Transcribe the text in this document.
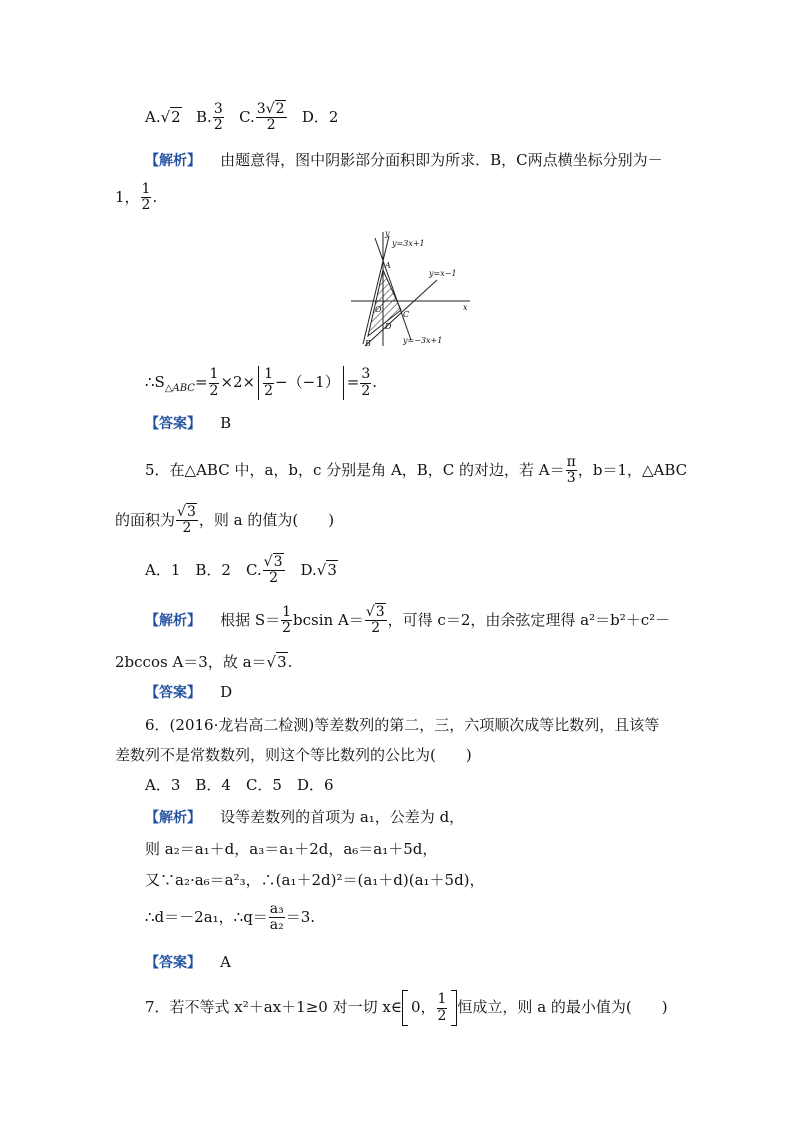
A.√2 B. $\frac{3}{2} C$. $\frac{3√2}{2}$ D．2
【解析】 由题意得，图中阴影部分面积即为所求．B，C两点横坐标分别为－
1， $\frac{1}{2}$ .
y
x
y=3x+1
y=x−1
y=−3x+1
A
O
C
D
B
$\therefore S_{\triangle ABC}= \frac{1}{2} \times 2\times \frac{1}{2} -(-1) = \frac{3}{2}$ .
【答案】 B
5．在△ABC 中，a，b，c 分别是角 A，B，C 的对边，若 $A= \frac{\pi}{3}$ ，b＝1，△ABC
的面积为 $\frac{√3}{2}$ ，则 a 的值为(　　)
A．1　B．2　C. $\frac{√3}{2}$ 　D.√3
【解析】 根据 $S= \frac{1}{2}$ bcsin $A= \frac{√3}{2}$ ，可得 c＝2，由余弦定理得 a²＝b²＋c²－
2bccos A＝3，故 a＝√3.
【答案】 D
6．(2016·龙岩高二检测)等差数列的第二，三，六项顺次成等比数列，且该等
差数列不是常数数列，则这个等比数列的公比为(　　)
A．3　B．4　C．5　D．6
【解析】 设等差数列的首项为 a₁，公差为 d，
则 a₂＝a₁＋d，a₃＝a₁＋2d，a₆＝a₁＋5d，
又∵a₂·a₆＝a²₃，∴(a₁＋2d)²＝(a₁＋d)(a₁＋5d)，
∴d＝－2a₁，∴q＝ $\frac{\text{a₃}}{\text{a₂}} =3$.
【答案】 A
7．若不等式 x²＋ax＋1≥0 对一切 x∈ 0， $\frac{1}{2}$ 恒成立，则 a 的最小值为(　　)
